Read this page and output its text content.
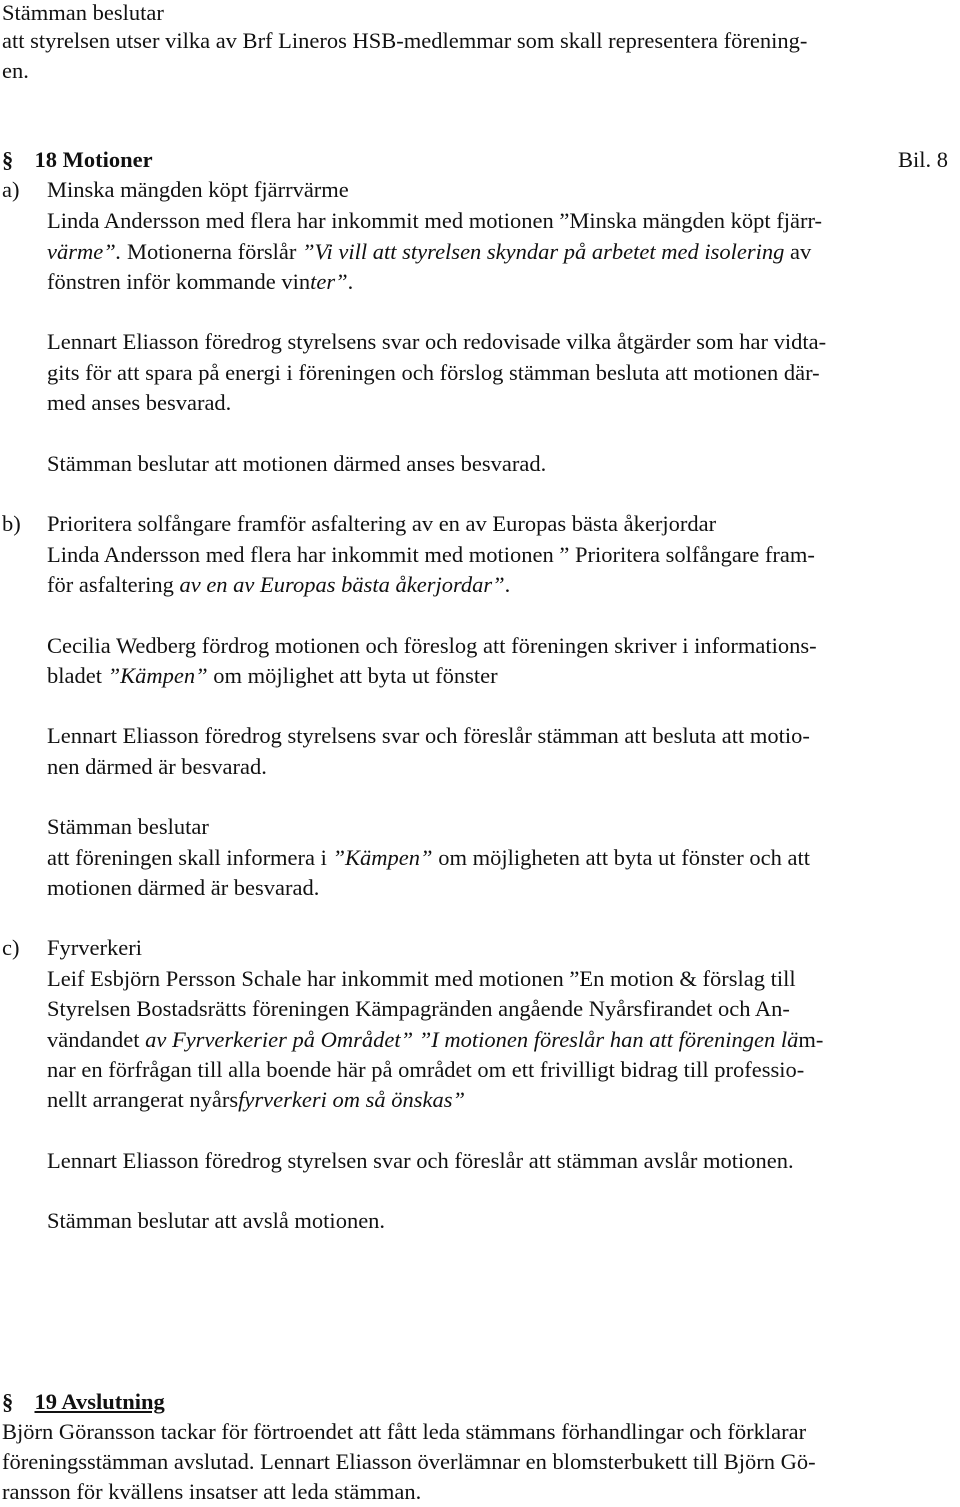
Stämman beslutar
att styrelsen utser vilka av Brf Lineros HSB-medlemmar som skall representera förening-
en.
§ 18 Motioner	Bil. 8
a) Minska mängden köpt fjärrvärme
Linda Andersson med flera har inkommit med motionen ”Minska mängden köpt fjärr-
värme”. Motionerna förslår ”Vi vill att styrelsen skyndar på arbetet med isolering av
fönstren inför kommande vinter”.
Lennart Eliasson föredrog styrelsens svar och redovisade vilka åtgärder som har vidta-
gits för att spara på energi i föreningen och förslog stämman besluta att motionen där-
med anses besvarad.
Stämman beslutar att motionen därmed anses besvarad.
b) Prioritera solfångare framför asfaltering av en av Europas bästa åkerjordar
Linda Andersson med flera har inkommit med motionen ” Prioritera solfångare fram-
för asfaltering av en av Europas bästa åkerjordar”.
Cecilia Wedberg fördrog motionen och föreslog att föreningen skriver i informations-
bladet ”Kämpen” om möjlighet att byta ut fönster
Lennart Eliasson föredrog styrelsens svar och föreslår stämman att besluta att motio-
nen därmed är besvarad.
Stämman beslutar
att föreningen skall informera i ”Kämpen” om möjligheten att byta ut fönster och att
motionen därmed är besvarad.
c) Fyrverkeri
Leif Esbjörn Persson Schale har inkommit med motionen ”En motion & förslag till
Styrelsen Bostadsrätts föreningen Kämpagränden angående Nyårsfirandet och An-
vändandet av Fyrverkerier på Området” ”I motionen föreslår han att föreningen läm-
nar en förfrågan till alla boende här på området om ett frivilligt bidrag till professio-
nellt arrangerat nyårsfyrverkeri om så önskas”
Lennart Eliasson föredrog styrelsen svar och föreslår att stämman avslår motionen.
Stämman beslutar att avslå motionen.
§ 19 Avslutning
Björn Göransson tackar för förtroendet att fått leda stämmans förhandlingar och förklarar
föreningsstämman avslutad. Lennart Eliasson överlämnar en blomsterbukett till Björn Gö-
ransson för kvällens insatser att leda stämman.
